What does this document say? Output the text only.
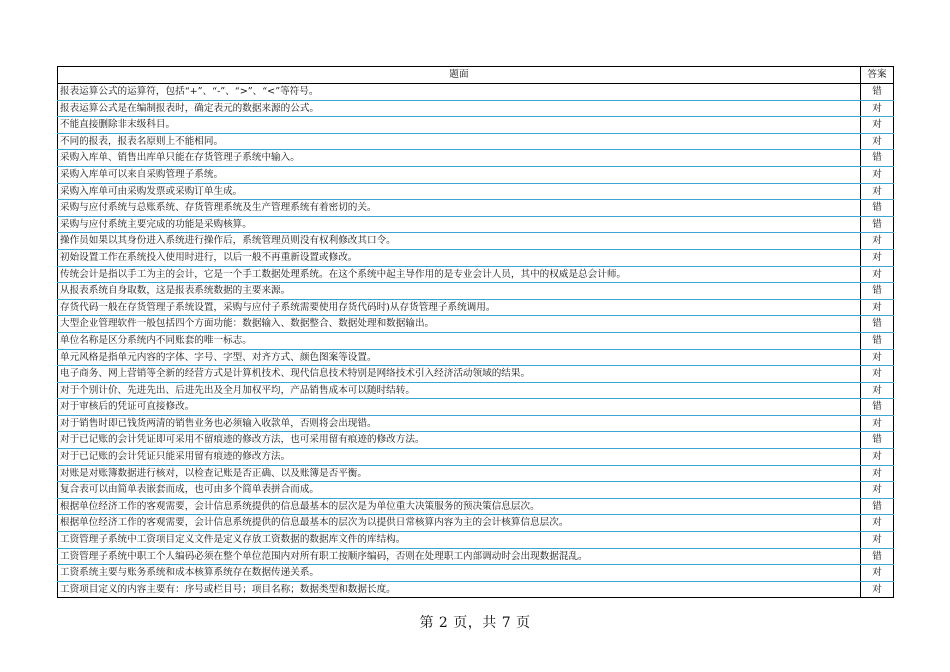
题面	答案
报表运算公式的运算符，包括“+”、“-”、“>”、“<”等符号。	错
报表运算公式是在编制报表时，确定表元的数据来源的公式。	对
不能直接删除非末级科目。	对
不同的报表，报表名原则上不能相同。	对
采购入库单、销售出库单只能在存货管理子系统中输入。	错
采购入库单可以来自采购管理子系统。	对
采购入库单可由采购发票或采购订单生成。	对
采购与应付系统与总账系统、存货管理系统及生产管理系统有着密切的关。	错
采购与应付系统主要完成的功能是采购核算。	错
操作员如果以其身份进入系统进行操作后，系统管理员则没有权利修改其口令。	对
初始设置工作在系统投入使用时进行，以后一般不再重新设置或修改。	对
传统会计是指以手工为主的会计，它是一个手工数据处理系统。在这个系统中起主导作用的是专业会计人员，其中的权威是总会计师。	对
从报表系统自身取数，这是报表系统数据的主要来源。	错
存货代码一般在存货管理子系统设置，采购与应付子系统需要使用存货代码时)从存货管理子系统调用。	对
大型企业管理软件一般包括四个方面功能：数据输入、数据整合、数据处理和数据输出。	错
单位名称是区分系统内不同账套的唯一标志。	错
单元风格是指单元内容的字体、字号、字型、对齐方式、颜色图案等设置。	对
电子商务、网上营销等全新的经营方式是计算机技术、现代信息技术特别是网络技术引入经济活动领域的结果。	对
对于个别计价、先进先出、后进先出及全月加权平均，产品销售成本可以随时结转。	对
对于审核后的凭证可直接修改。	错
对于销售时即已钱货两清的销售业务也必须输入收款单，否则将会出现错。	对
对于已记账的会计凭证即可采用不留痕迹的修改方法，也可采用留有痕迹的修改方法。	错
对于已记账的会计凭证只能采用留有痕迹的修改方法。	对
对账是对账簿数据进行核对，以检查记账是否正确、以及账簿是否平衡。	对
复合表可以由简单表嵌套而成，也可由多个简单表拼合而成。	对
根据单位经济工作的客观需要，会计信息系统提供的信息最基本的层次是为单位重大决策服务的预决策信息层次。	错
根据单位经济工作的客观需要，会计信息系统提供的信息最基本的层次为以提供日常核算内容为主的会计核算信息层次。	对
工资管理子系统中工资项目定义文件是定义存放工资数据的数据库文件的库结构。	对
工资管理子系统中职工个人编码必须在整个单位范围内对所有职工按顺序编码，否则在处理职工内部调动时会出现数据混乱。	错
工资系统主要与账务系统和成本核算系统存在数据传递关系。	对
工资项目定义的内容主要有：序号或栏目号；项目名称；数据类型和数据长度。	对
第 2 页，共 7 页
